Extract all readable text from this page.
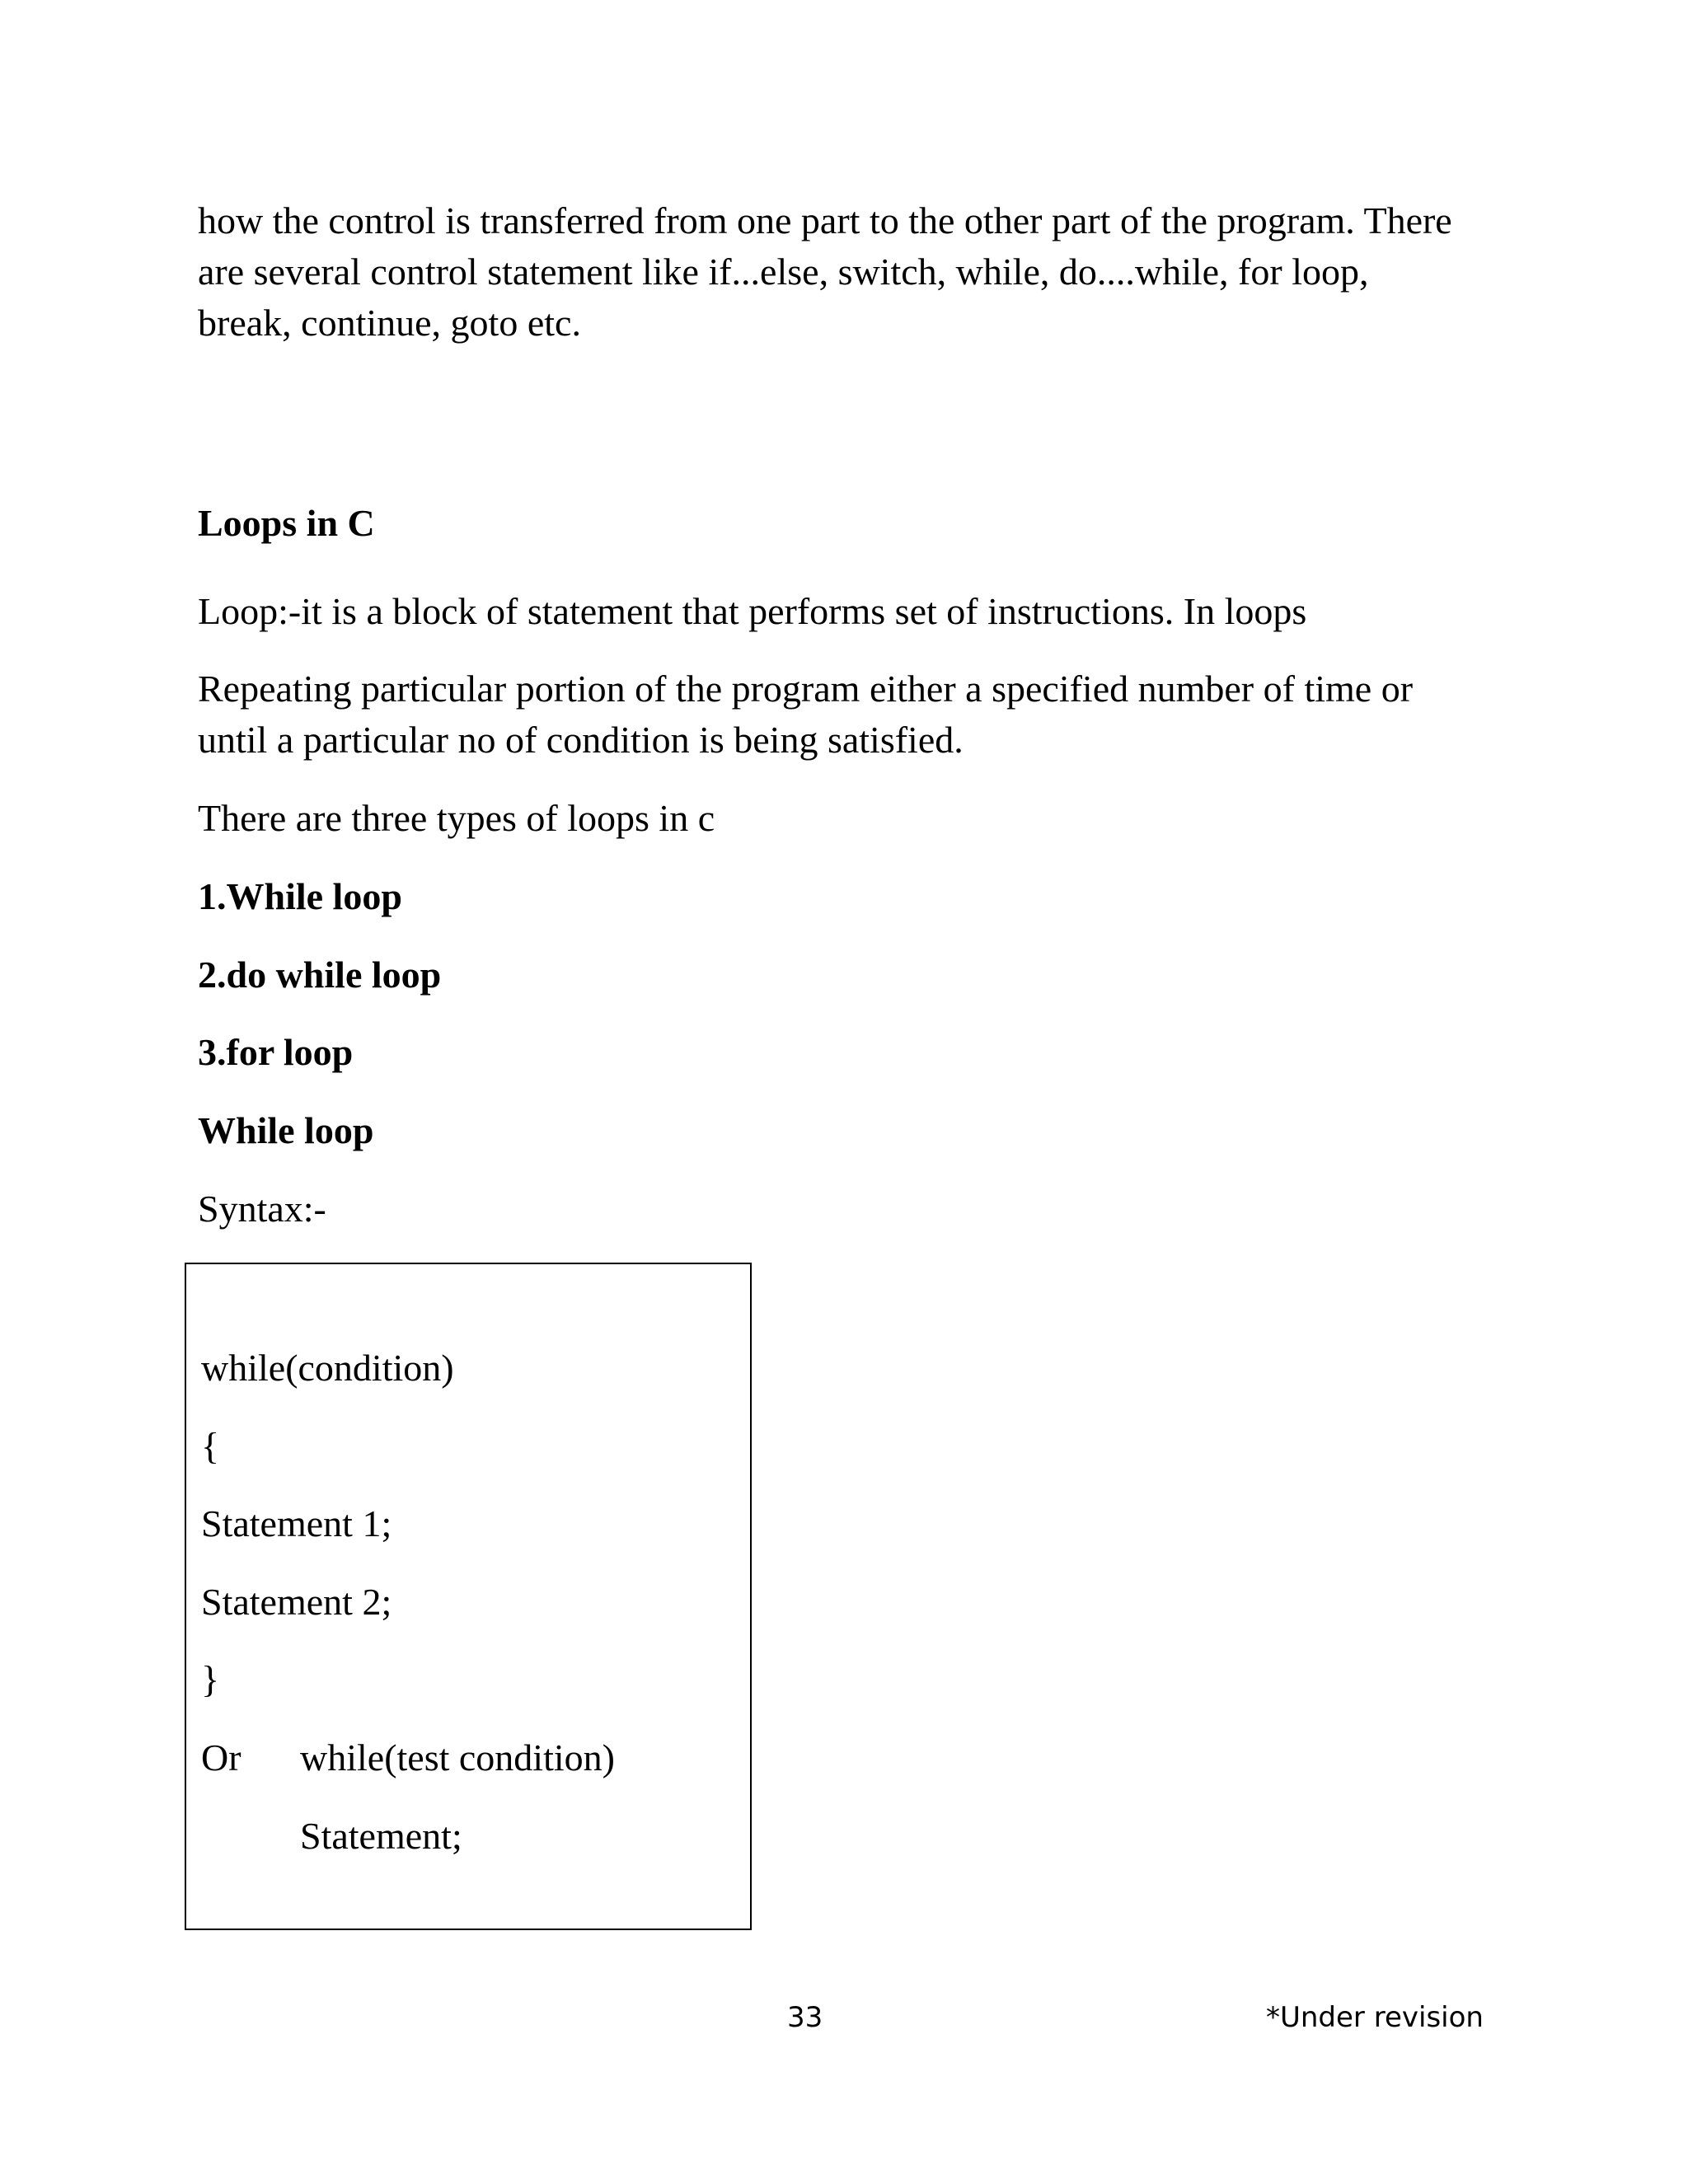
how the control is transferred from one part to the other part of the program. There
are several control statement like if...else, switch, while, do....while, for loop,
break, continue, goto etc.
Loops in C
Loop:-it is a block of statement that performs set of instructions. In loops
Repeating particular portion of the program either a specified number of time or
until a particular no of condition is being satisfied.
There are three types of loops in c
1.While loop
2.do while loop
3.for loop
While loop
Syntax:-
while(condition)
{
Statement 1;
Statement 2;
}
Or while(test condition)
Statement;
33	*Under revision
